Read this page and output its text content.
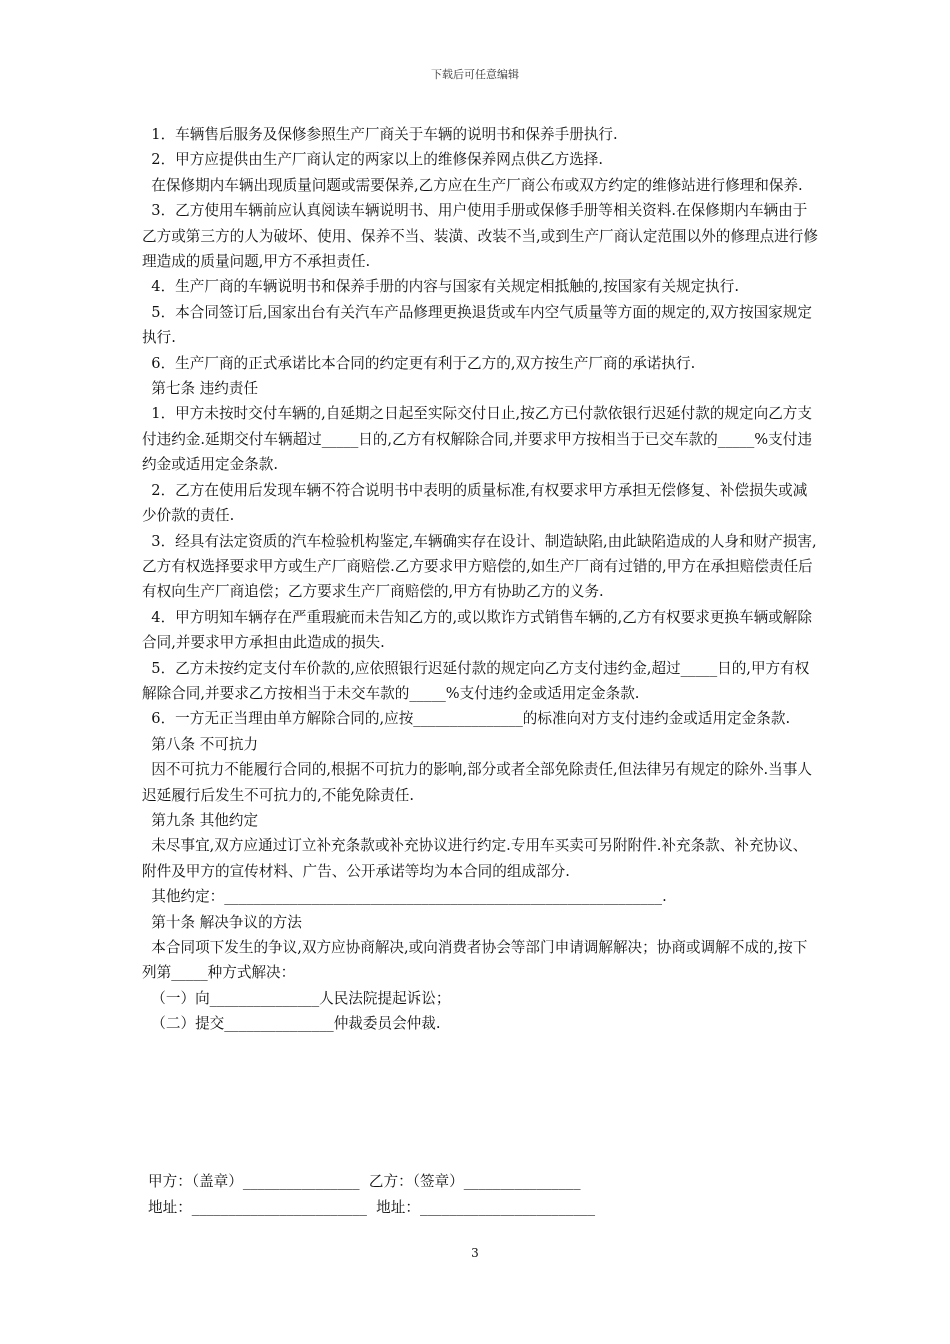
下载后可任意编辑

1．车辆售后服务及保修参照生产厂商关于车辆的说明书和保养手册执行.

2．甲方应提供由生产厂商认定的两家以上的维修保养网点供乙方选择.

在保修期内车辆出现质量问题或需要保养,乙方应在生产厂商公布或双方约定的维修站进行修理和保养.

3．乙方使用车辆前应认真阅读车辆说明书、用户使用手册或保修手册等相关资料.在保修期内车辆由于乙方或第三方的人为破坏、使用、保养不当、装潢、改装不当,或到生产厂商认定范围以外的修理点进行修理造成的质量问题,甲方不承担责任.

4．生产厂商的车辆说明书和保养手册的内容与国家有关规定相抵触的,按国家有关规定执行.

5．本合同签订后,国家出台有关汽车产品修理更换退货或车内空气质量等方面的规定的,双方按国家规定执行.

6．生产厂商的正式承诺比本合同的约定更有利于乙方的,双方按生产厂商的承诺执行.

第七条 违约责任

1．甲方未按时交付车辆的,自延期之日起至实际交付日止,按乙方已付款依银行迟延付款的规定向乙方支付违约金.延期交付车辆超过_____日的,乙方有权解除合同,并要求甲方按相当于已交车款的_____%支付违约金或适用定金条款.

2．乙方在使用后发现车辆不符合说明书中表明的质量标准,有权要求甲方承担无偿修复、补偿损失或减少价款的责任.

3．经具有法定资质的汽车检验机构鉴定,车辆确实存在设计、制造缺陷,由此缺陷造成的人身和财产损害,乙方有权选择要求甲方或生产厂商赔偿.乙方要求甲方赔偿的,如生产厂商有过错的,甲方在承担赔偿责任后有权向生产厂商追偿；乙方要求生产厂商赔偿的,甲方有协助乙方的义务.

4．甲方明知车辆存在严重瑕疵而未告知乙方的,或以欺诈方式销售车辆的,乙方有权要求更换车辆或解除合同,并要求甲方承担由此造成的损失.

5．乙方未按约定支付车价款的,应依照银行迟延付款的规定向乙方支付违约金,超过_____日的,甲方有权解除合同,并要求乙方按相当于未交车款的_____%支付违约金或适用定金条款.

6．一方无正当理由单方解除合同的,应按_______________的标准向对方支付违约金或适用定金条款.

第八条 不可抗力

因不可抗力不能履行合同的,根据不可抗力的影响,部分或者全部免除责任,但法律另有规定的除外.当事人迟延履行后发生不可抗力的,不能免除责任.

第九条 其他约定

未尽事宜,双方应通过订立补充条款或补充协议进行约定.专用车买卖可另附附件.补充条款、补充协议、附件及甲方的宣传材料、广告、公开承诺等均为本合同的组成部分.

其他约定：____________________________________________________________.

第十条 解决争议的方法

本合同项下发生的争议,双方应协商解决,或向消费者协会等部门申请调解解决；协商或调解不成的,按下列第_____种方式解决：

（一）向_______________人民法院提起诉讼；

（二）提交_______________仲裁委员会仲裁.

甲方：（盖章）________________  乙方：（签章）________________
地址：________________________  地址：________________________
3
